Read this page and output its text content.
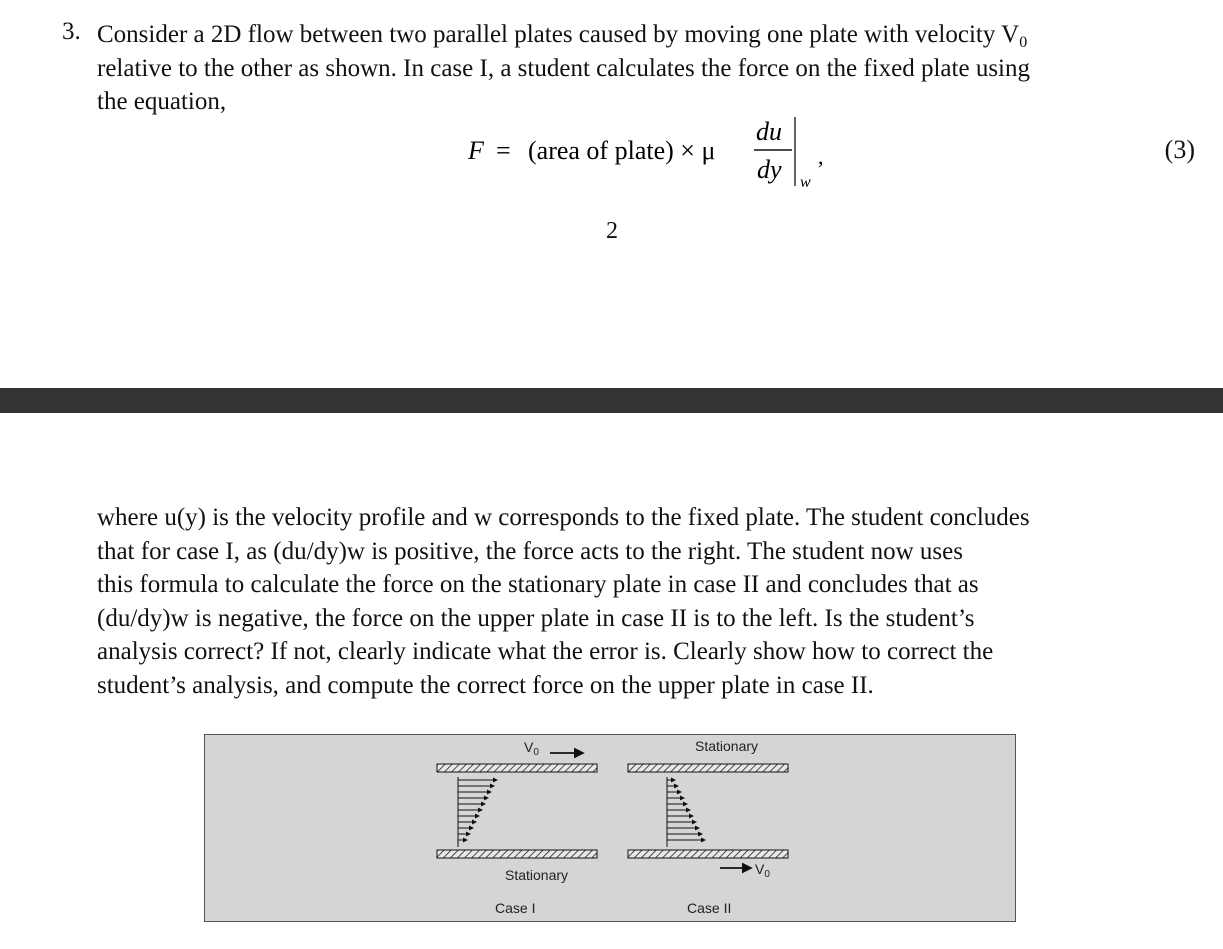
3. Consider a 2D flow between two parallel plates caused by moving one plate with velocity $V_0$
relative to the other as shown. In case I, a student calculates the force on the fixed plate using
the equation,
F = (area of plate) × μ
du
dy w
,	(3)
2
where u(y) is the velocity profile and w corresponds to the fixed plate. The student concludes
that for case I, as (du/dy)w is positive, the force acts to the right. The student now uses
this formula to calculate the force on the stationary plate in case II and concludes that as
(du/dy)w is negative, the force on the upper plate in case II is to the left. Is the student’s
analysis correct? If not, clearly indicate what the error is. Clearly show how to correct the
student’s analysis, and compute the correct force on the upper plate in case II.
$V_0$
Stationary
Case I
Stationary
$V_0$
Case II
